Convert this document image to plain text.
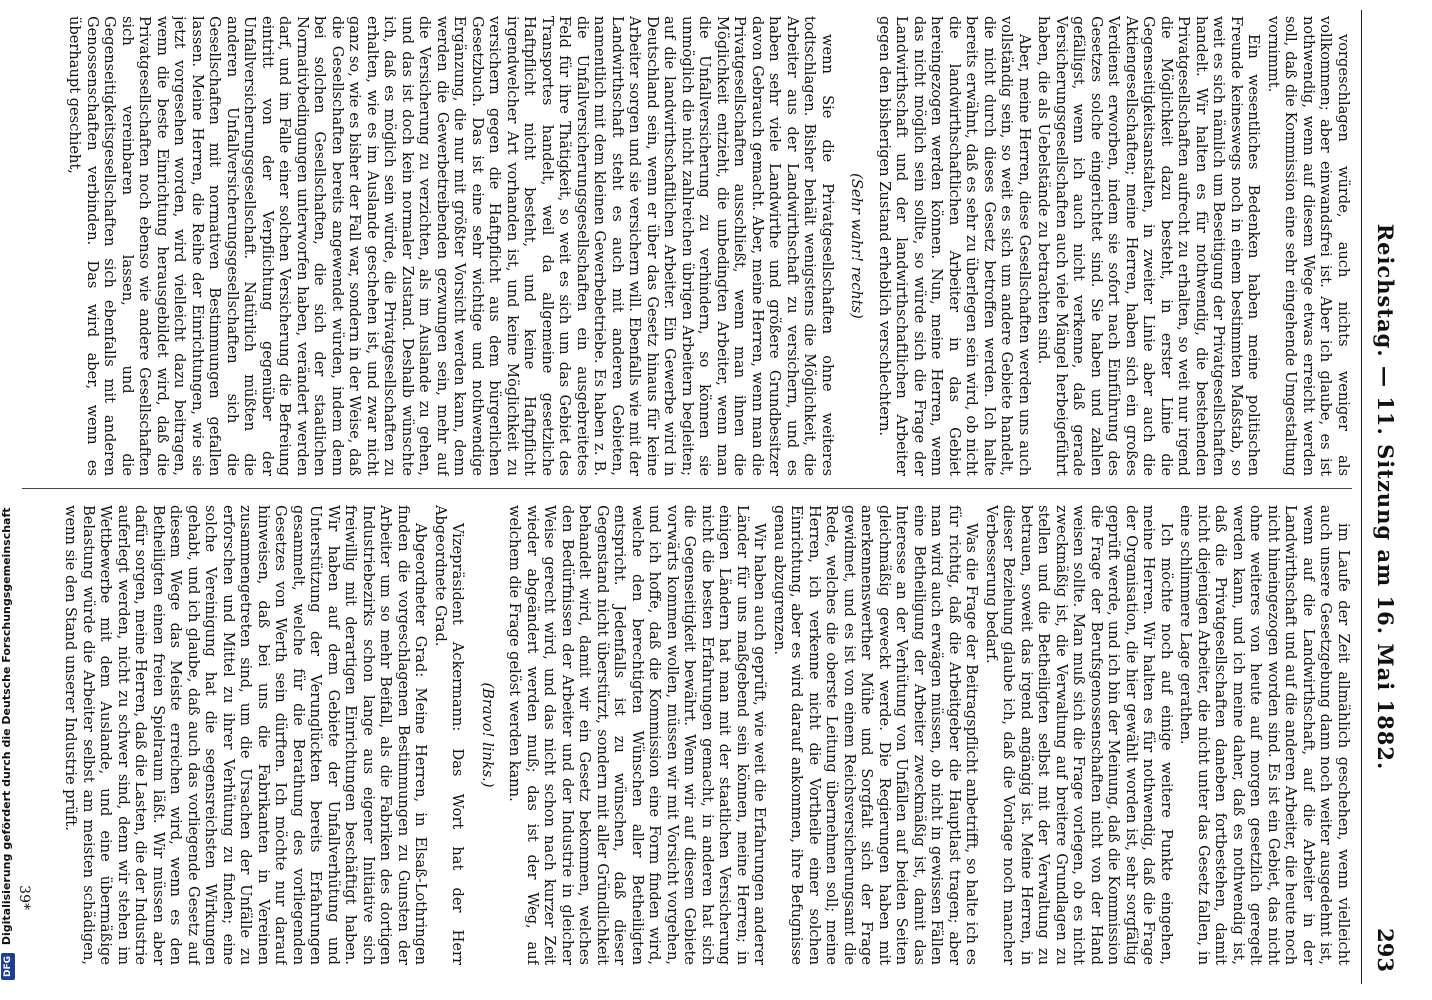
Reichstag. — 11. Sitzung am 16. Mai 1882.
293

vorgeschlagen würde, auch nichts weniger als vollkommen; aber einwandsfrei ist. Aber ich glaube, es ist nothwendig, wenn auf diesem Wege etwas erreicht werden soll, daß die Kommission eine sehr eingehende Umgestaltung vornimmt.

Ein wesentliches Bedenken haben meine politischen Freunde keineswegs noch in einem bestimmten Maßstab, so weit es sich nämlich um Beseitigung der Privatgesellschaften handelt. Wir halten es für nothwendig, die bestehenden Privatgesellschaften aufrecht zu erhalten, so weit nur irgend die Möglichkeit dazu besteht, in erster Linie die Gegenseitigkeitsanstalten, in zweiter Linie aber auch die Aktiengesellschaften; meine Herren, haben sich ein großes Verdienst erworben, indem sie sofort nach Einführung des Gesetzes solche eingerichtet sind. Sie haben und zahlen gefälligst, wenn ich auch nicht verkenne, daß gerade Versicherungsgesellschaften auch viele Mängel herbeigeführt haben, die als Uebelstände zu betrachten sind.

Aber, meine Herren, diese Gesellschaften werden uns auch vollständig sein, so weit es sich um andere Gebiete handelt, die nicht durch dieses Gesetz betroffen werden. Ich halte bereits erwähnt, daß es sehr zu überlegen sein wird, ob nicht die landwirthschaftlichen Arbeiter in das Gebiet hereingezogen werden können. Nun, meine Herren, wenn das nicht möglich sein sollte, so würde sich die Frage der Landwirthschaft und der landwirthschaftlichen Arbeiter gegen den bisherigen Zustand erheblich verschlechtern.

(Sehr wahr! rechts)

wenn Sie die Privatgesellschaften ohne weiteres todtschlagen. Bisher behält wenigstens die Möglichkeit, die Arbeiter aus der Landwirthschaft zu versichern, und es haben sehr viele Landwirthe und größere Grundbesitzer davon Gebrauch gemacht. Aber, meine Herren, wenn man die Privatgesellschaften ausschließt, wenn man ihnen die Möglichkeit entzieht, die unbedingten Arbeiter, wenn man die Unfallversicherung zu verhindern, so können sie unmöglich die nicht zahlreichen übrigen Arbeitern begleiten; auf die landwirthschaftlichen Arbeiter. Ein Gewerbe wird in Deutschland sein, wenn er über das Gesetz hinaus für keine Arbeiter sorgen und sie versichern will. Ebenfalls wie mit der Landwirthschaft steht es auch mit anderen Gebieten, namentlich mit dem kleinen Gewerbebetriebe. Es haben z. B. die Unfallversicherungsgesellschaften ein ausgebreitetes Feld für ihre Thätigkeit, so weit es sich um das Gebiet des Transportes handelt, weil da allgemeine gesetzliche Haftpflicht nicht besteht, und keine Haftpflicht irgendwelcher Art vorhanden ist, und keine Möglichkeit zu versichern gegen die Haftpflicht aus dem bürgerlichen Gesetzbuch. Das ist eine sehr wichtige und nothwendige Ergänzung, die nur mit größter Vorsicht werden kann, denn werden die Gewerbetreibenden gezwungen sein, mehr auf die Versicherung zu verzichten, als im Auslande zu gehen, und das ist doch kein normaler Zustand. Deshalb wünschte ich, daß es möglich sein würde, die Privatgesellschaften zu erhalten, wie es im Auslande geschehen ist, und zwar nicht ganz so, wie es bisher der Fall war, sondern in der Weise, daß die Gesellschaften bereits angewendet würden, indem denn bei solchen Gesellschaften, die sich der staatlichen Normativbedingungen unterworfen haben, verändert werden darf, und im Falle einer solchen Versicherung die Befreiung eintritt von der Verpflichtung gegenüber der Unfallversicherungsgesellschaft. Natürlich müßten die anderen Unfallversicherungsgesellschaften sich die Gesellschaften mit normativen Bestimmungen gefallen lassen. Meine Herren, die Reihe der Einrichtungen, wie sie jetzt vorgesehen worden, wird vielleicht dazu beitragen, wenn die beste Einrichtung herausgebildet wird, daß die Privatgesellschaften noch ebenso wie andere Gesellschaften sich vereinbaren lassen, und die Gegenseitigkeitsgesellschaften sich ebenfalls mit anderen Genossenschaften verbinden. Das wird aber, wenn es überhaupt geschieht,

im Laufe der Zeit allmählich geschehen, wenn vielleicht auch unsere Gesetzgebung dann noch weiter ausgedehnt ist, wenn auf die Landwirthschaft, auf die Arbeiter in der Landwirthschaft und auf die anderen Arbeiter, die heute noch nicht hineingezogen worden sind. Es ist ein Gebiet, das nicht ohne weiteres von heute auf morgen gesetzlich geregelt werden kann, und ich meine daher, daß es nothwendig ist, daß die Privatgesellschaften daneben fortbestehen, damit nicht diejenigen Arbeiter, die nicht unter das Gesetz fallen, in eine schlimmere Lage gerathen.

Ich möchte noch auf einige weitere Punkte eingehen, meine Herren. Wir halten es für nothwendig, daß die Frage der Organisation, die hier gewählt worden ist, sehr sorgfältig geprüft werde, und ich bin der Meinung, daß die Kommission die Frage der Berufsgenossenschaften nicht von der Hand weisen sollte. Man muß sich die Frage vorlegen, ob es nicht zweckmäßig ist, die Verwaltung auf breitere Grundlagen zu stellen und die Betheiligten selbst mit der Verwaltung zu betrauen, soweit das irgend angängig ist. Meine Herren, in dieser Beziehung glaube ich, daß die Vorlage noch mancher Verbesserung bedarf.

Was die Frage der Beitragspflicht anbetrifft, so halte ich es für richtig, daß die Arbeitgeber die Hauptlast tragen; aber man wird auch erwägen müssen, ob nicht in gewissen Fällen eine Betheiligung der Arbeiter zweckmäßig ist, damit das Interesse an der Verhütung von Unfällen auf beiden Seiten gleichmäßig geweckt werde. Die Regierungen haben mit anerkennenswerther Mühe und Sorgfalt sich der Frage gewidmet, und es ist von einem Reichsversicherungsamt die Rede, welches die oberste Leitung übernehmen soll; meine Herren, ich verkenne nicht die Vortheile einer solchen Einrichtung, aber es wird darauf ankommen, ihre Befugnisse genau abzugrenzen.

Wir haben auch geprüft, wie weit die Erfahrungen anderer Länder für uns maßgebend sein können, meine Herren; in einigen Ländern hat man mit der staatlichen Versicherung nicht die besten Erfahrungen gemacht, in anderen hat sich die Gegenseitigkeit bewährt. Wenn wir auf diesem Gebiete vorwärts kommen wollen, müssen wir mit Vorsicht vorgehen, und ich hoffe, daß die Kommission eine Form finden wird, welche den berechtigten Wünschen aller Betheiligten entspricht. Jedenfalls ist zu wünschen, daß dieser Gegenstand nicht überstürzt, sondern mit aller Gründlichkeit behandelt wird, damit wir ein Gesetz bekommen, welches den Bedürfnissen der Arbeiter und der Industrie in gleicher Weise gerecht wird, und das nicht schon nach kurzer Zeit wieder abgeändert werden muß; das ist der Weg, auf welchem die Frage gelöst werden kann.

(Bravo! links.)

Vizepräsident Ackermann: Das Wort hat der Herr Abgeordnete Grad.

Abgeordneter Grad: Meine Herren, in Elsaß-Lothringen finden die vorgeschlagenen Bestimmungen zu Gunsten der Arbeiter um so mehr Beifall, als die Fabriken des dortigen Industriebezirks schon lange aus eigener Initiative sich freiwillig mit derartigen Einrichtungen beschäftigt haben. Wir haben auf dem Gebiete der Unfallverhütung und Unterstützung der Verunglückten bereits Erfahrungen gesammelt, welche für die Berathung des vorliegenden Gesetzes von Werth sein dürften. Ich möchte nur darauf hinweisen, daß bei uns die Fabrikanten in Vereinen zusammengetreten sind, um die Ursachen der Unfälle zu erforschen und Mittel zu ihrer Verhütung zu finden; eine solche Vereinigung hat die segensreichsten Wirkungen gehabt, und ich glaube, daß auch das vorliegende Gesetz auf diesem Wege das Meiste erreichen wird, wenn es den Betheiligten einen freien Spielraum läßt. Wir müssen aber dafür sorgen, meine Herren, daß die Lasten, die der Industrie auferlegt werden, nicht zu schwer sind, denn wir stehen im Wettbewerbe mit dem Auslande, und eine übermäßige Belastung würde die Arbeiter selbst am meisten schädigen, wenn sie den Stand unserer Industrie prüft.

39*
DFG Digitalisierung gefördert durch die Deutsche Forschungsgemeinschaft
